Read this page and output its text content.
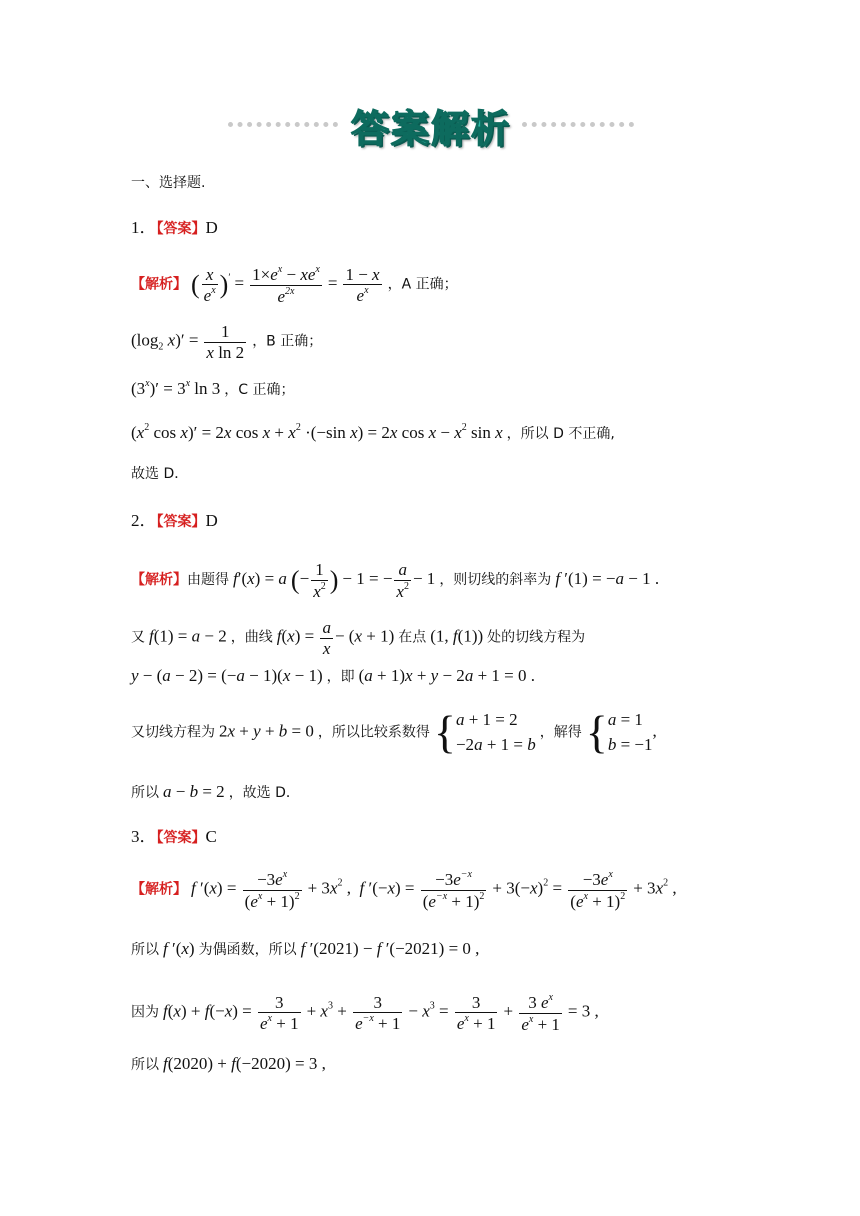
答案解析
一、选择题.
1．【答案】D
【解析】 ( $\frac{x}{e^x} )' = \frac{1\times e^x - xe^x}{e^{2x}} = \frac{1 - x}{e^x}$ ，A 正确；
($\log_2$ $x)' = \frac{1}{\text{x ln 2}}$ ，B 正确；
$(3^x)' = 3^x$ ln 3 ，C 正确；
($x^2$ cos x)′ = 2x $\cos x + x^2 \cdot(-\sin$ x) = 2x $\cos x - x^2$ sin x ，所以 D 不正确,
故选 D．
2．【答案】D
【解析】由题得 f′(x) = a (− $\frac{1}{x^2}$ ) − 1 = − $\frac{a}{x^2} - 1$ ，则切线的斜率为 f ′(1) = −a − 1 .
又 f(1) = a − 2 ，曲线 $f(x) = \frac{a}{x} - (x + 1)$ 在点 (1, f(1)) 处的切线方程为
y − (a − 2) = (−a − 1)(x − 1) ，即 (a + 1)x + y − 2a + 1 = 0 .
又切线方程为 2x + y + b = 0 ，所以比较系数得 { a + 1 = 2
−2a + 1 = b
，解得 { a = 1
b = −1
,
所以 a − b = 2 ，故选 D．
3．【答案】C
【解析】 f $'(x) = \frac{-3e^x}{(e^x + 1)^2} + 3x^2$ ,  f $'(-x) = \frac{-3e^{-x}}{(e^{-x} + 1)^2} + 3(-x)^2 = \frac{-3e^x}{(e^x + 1)^2} + 3x^2$ ,
所以 f ′(x) 为偶函数，所以 f ′(2021) − f ′(−2021) = 0 ,
因为 $f(x) + f(-x) = \frac{3}{e^x + 1} + x^3 + \frac{3}{e^{-x} + 1} - x^3 = \frac{3}{e^x + 1} + \frac{3 e^x}{e^x + 1} = 3$ ,
所以 f(2020) + f(−2020) = 3 ,
